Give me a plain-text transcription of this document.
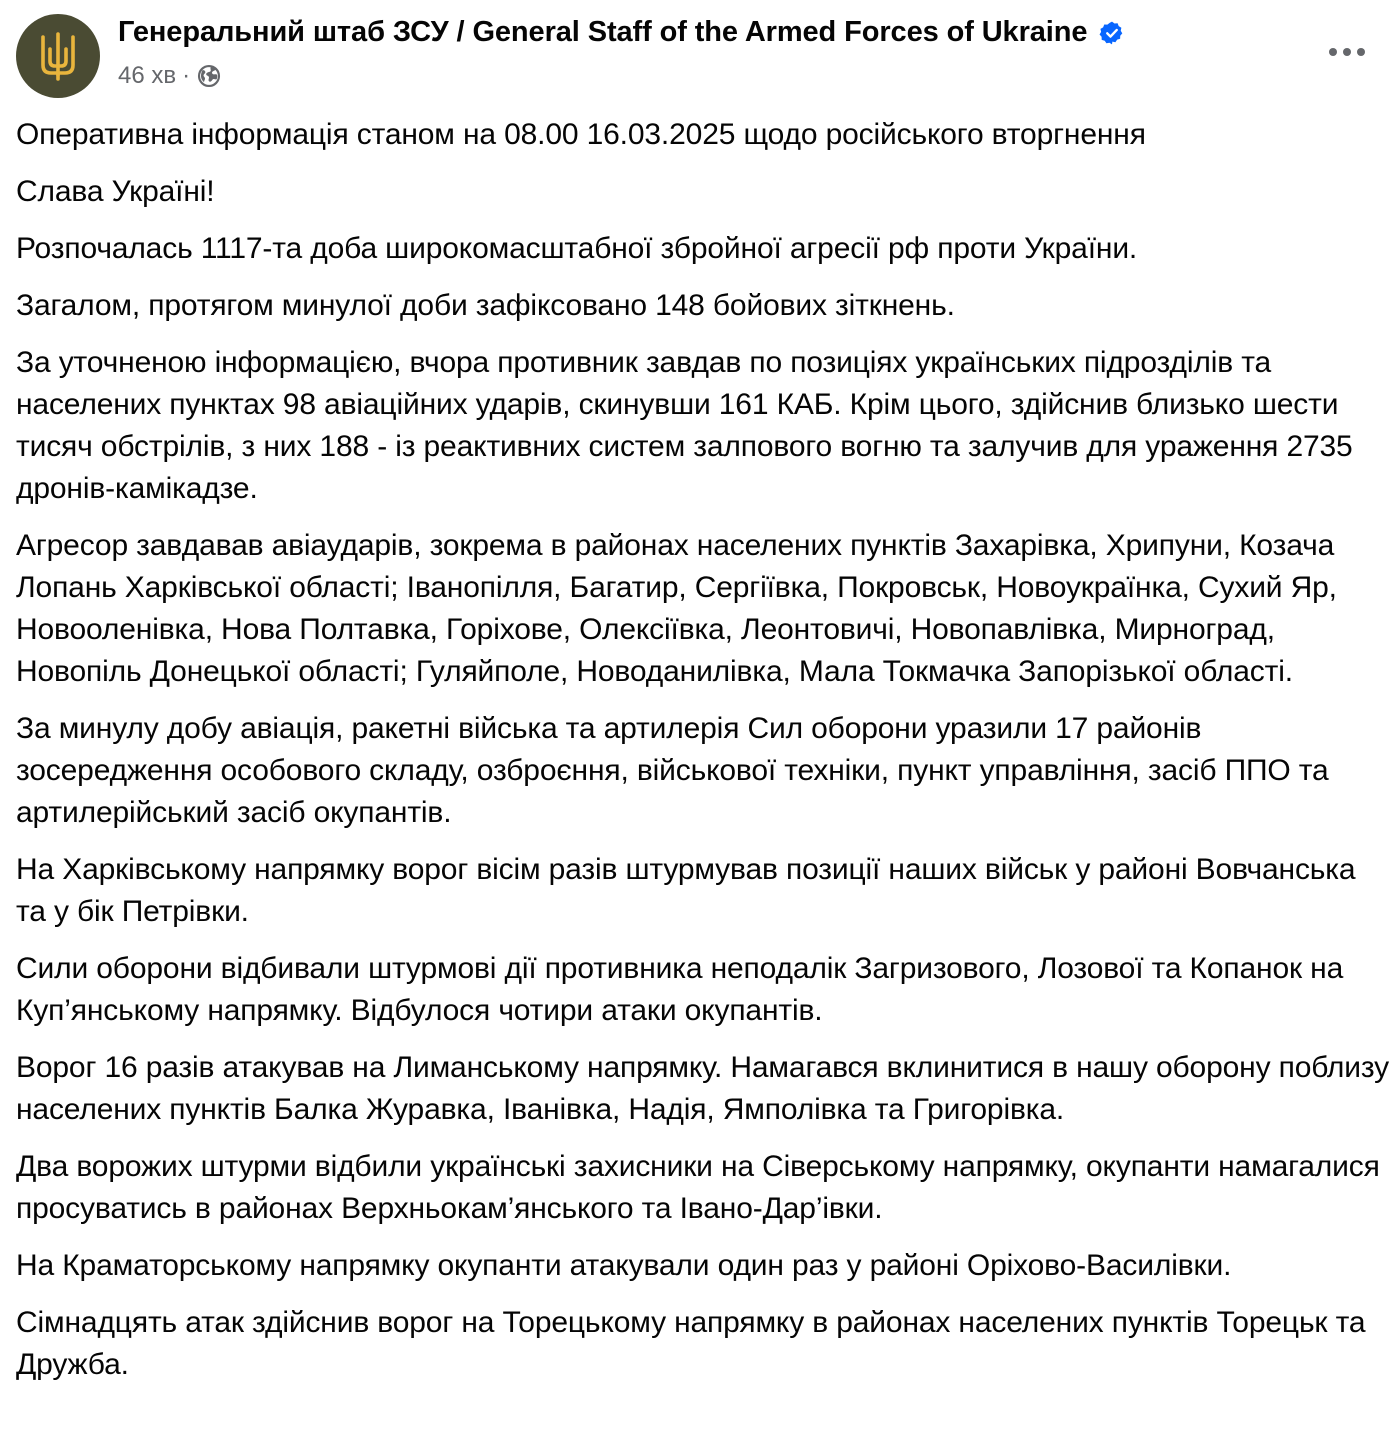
Генеральний штаб ЗСУ / General Staff of the Armed Forces of Ukraine
46 хв ·

Оперативна інформація станом на 08.00 16.03.2025 щодо російського вторгнення

Слава Україні!

Розпочалась 1117-та доба широкомасштабної збройної агресії рф проти України.

Загалом, протягом минулої доби зафіксовано 148 бойових зіткнень.

За уточненою інформацією, вчора противник завдав по позиціях українських підрозділів та населених пунктах 98 авіаційних ударів, скинувши 161 КАБ. Крім цього, здійснив близько шести тисяч обстрілів, з них 188 - із реактивних систем залпового вогню та залучив для ураження 2735 дронів-камікадзе.

Агресор завдавав авіаударів, зокрема в районах населених пунктів Захарівка, Хрипуни, Козача Лопань Харківської області; Іванопілля, Багатир, Сергіївка, Покровськ, Новоукраїнка, Сухий Яр, Новооленівка, Нова Полтавка, Горіхове, Олексіївка, Леонтовичі, Новопавлівка, Мирноград, Новопіль Донецької області; Гуляйполе, Новоданилівка, Мала Токмачка Запорізької області.

За минулу добу авіація, ракетні війська та артилерія Сил оборони уразили 17 районів зосередження особового складу, озброєння, військової техніки, пункт управління, засіб ППО та артилерійський засіб окупантів.

На Харківському напрямку ворог вісім разів штурмував позиції наших військ у районі Вовчанська та у бік Петрівки.

Сили оборони відбивали штурмові дії противника неподалік Загризового, Лозової та Копанок на Куп’янському напрямку. Відбулося чотири атаки окупантів.

Ворог 16 разів атакував на Лиманському напрямку. Намагався вклинитися в нашу оборону поблизу населених пунктів Балка Журавка, Іванівка, Надія, Ямполівка та Григорівка.

Два ворожих штурми відбили українські захисники на Сіверському напрямку, окупанти намагалися просуватись в районах Верхньокам’янського та Івано-Дар’івки.

На Краматорському напрямку окупанти атакували один раз у районі Оріхово-Василівки.

Сімнадцять атак здійснив ворог на Торецькому напрямку в районах населених пунктів Торецьк та Дружба.
